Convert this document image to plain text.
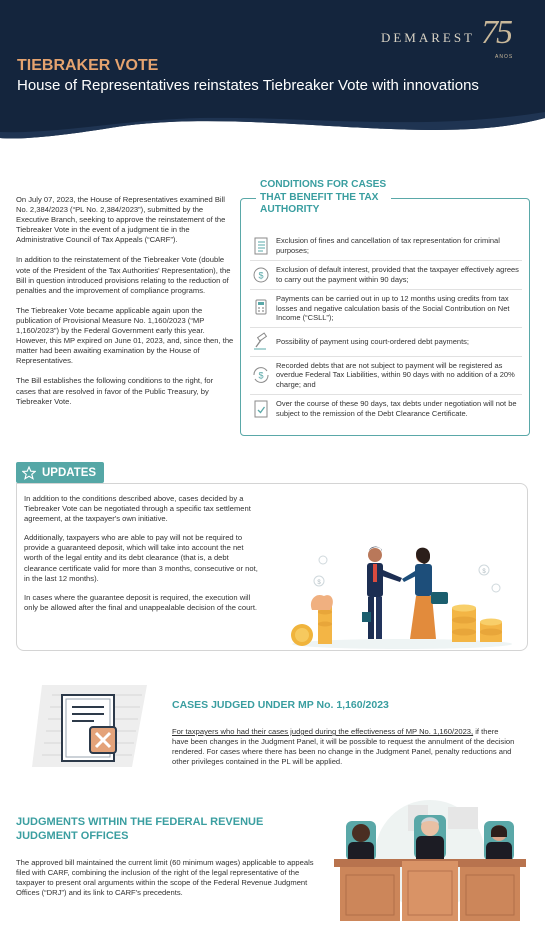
DEMAREST 75
ANOS
TIEBRAKER VOTE
House of Representatives reinstates Tiebreaker Vote with innovations

On July 07, 2023, the House of Representatives examined Bill No. 2,384/2023 (“PL No. 2,384/2023”), submitted by the Executive Branch, seeking to approve the reinstatement of the Tiebreaker Vote in the event of a judgment tie in the Administrative Council of Tax Appeals (“CARF”).

In addition to the reinstatement of the Tiebreaker Vote (double vote of the President of the Tax Authorities' Representation), the Bill in question introduced provisions relating to the reduction of penalties and the improvement of compliance programs.

The Tiebreaker Vote became applicable again upon the publication of Provisional Measure No. 1,160/2023 (“MP 1,160/2023”) by the Federal Government early this year. However, this MP expired on June 01, 2023, and, since then, the matter had been awaiting examination by the House of Representatives.

The Bill establishes the following conditions to the right, for cases that are resolved in favor of the Public Treasury, by Tiebreaker Vote.

CONDITIONS FOR CASES THAT BENEFIT THE TAX AUTHORITY
Exclusion of fines and cancellation of tax representation for criminal purposes;
$
Exclusion of default interest, provided that the taxpayer effectively agrees to carry out the payment within 90 days;
Payments can be carried out in up to 12 months using credits from tax losses and negative calculation basis of the Social Contribution on Net Income (“CSLL”);
Possibility of payment using court-ordered debt payments;
$
Recorded debts that are not subject to payment will be registered as overdue Federal Tax Liabilities, within 90 days with no addition of a 20% charge; and
Over the course of these 90 days, tax debts under negotiation will not be subject to the remission of the Debt Clearance Certificate.
UPDATES

In addition to the conditions described above, cases decided by a Tiebreaker Vote can be negotiated through a specific tax settlement agreement, at the taxpayer's own initiative.

Additionally, taxpayers who are able to pay will not be required to provide a guaranteed deposit, which will take into account the net worth of the legal entity and its debt clearance (that is, a debt clearance certificate valid for more than 3 months, consecutive or not, in the last 12 months).

In cases where the guarantee deposit is required, the execution will only be allowed after the final and unappealable decision of the court.

$
$
CASES JUDGED UNDER MP No. 1,160/2023
For taxpayers who had their cases judged during the effectiveness of MP No. 1,160/2023, if there have been changes in the Judgment Panel, it will be possible to request the annulment of the decision rendered. For cases where there has been no change in the Judgment Panel, penalty reductions and other privileges contained in the PL will be applied.
JUDGMENTS WITHIN THE FEDERAL REVENUE JUDGMENT OFFICES
The approved bill maintained the current limit (60 minimum wages) applicable to appeals filed with CARF, combining the inclusion of the right of the legal representative of the taxpayer to present oral arguments within the scope of the Federal Revenue Judgment Offices (“DRJ”) and its link to CARF's precedents.
